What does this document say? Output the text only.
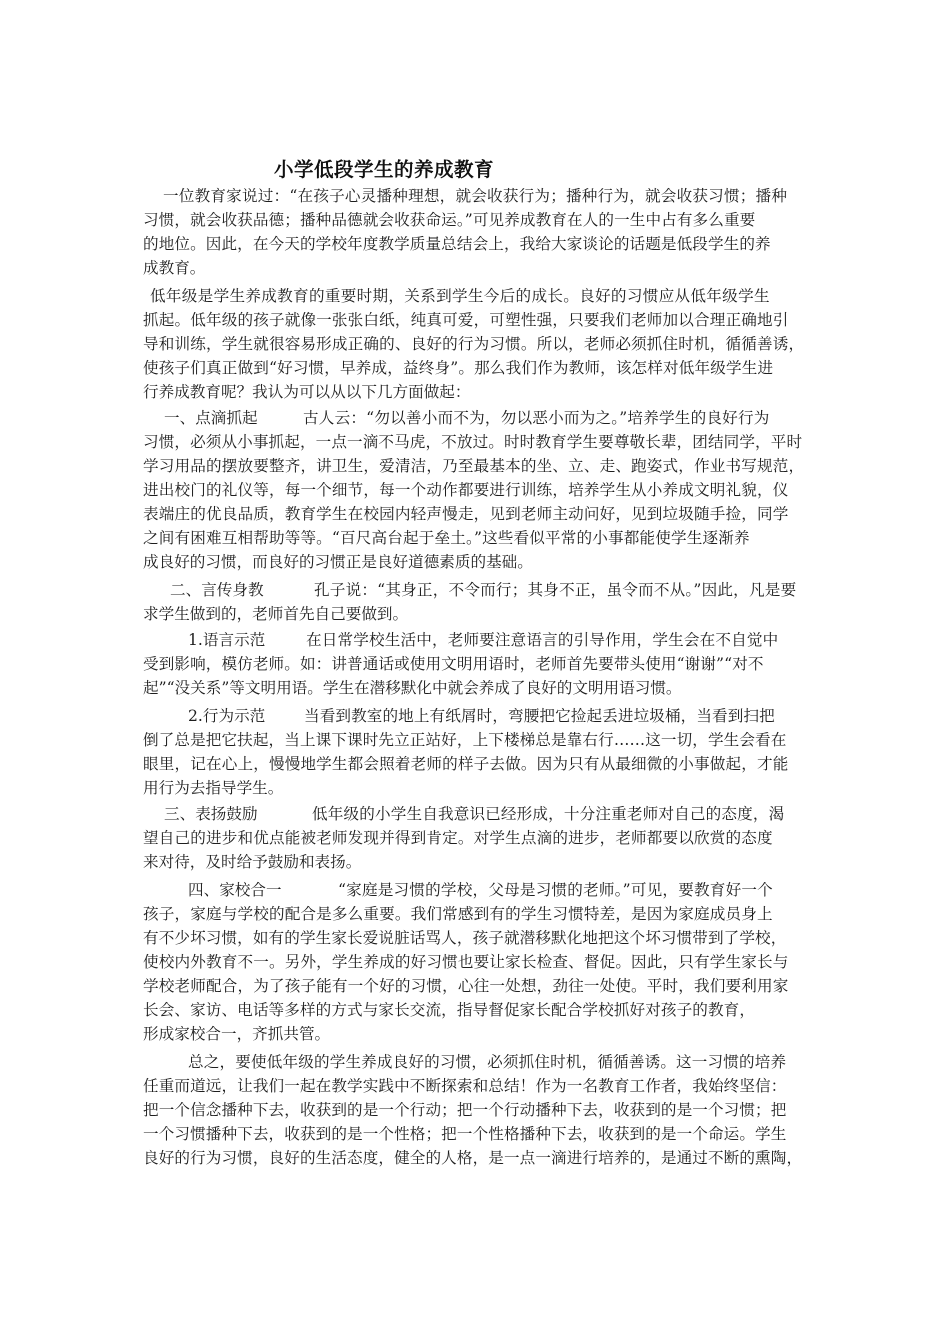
小学低段学生的养成教育
一位教育家说过：“在孩子心灵播种理想，就会收获行为；播种行为，就会收获习惯；播种
习惯，就会收获品德；播种品德就会收获命运。”可见养成教育在人的一生中占有多么重要
的地位。因此，在今天的学校年度教学质量总结会上，我给大家谈论的话题是低段学生的养
成教育。
低年级是学生养成教育的重要时期，关系到学生今后的成长。良好的习惯应从低年级学生
抓起。低年级的孩子就像一张张白纸，纯真可爱，可塑性强，只要我们老师加以合理正确地引
导和训练，学生就很容易形成正确的、良好的行为习惯。所以，老师必须抓住时机，循循善诱，
使孩子们真正做到“好习惯，早养成，益终身”。那么我们作为教师，该怎样对低年级学生进
行养成教育呢？我认为可以从以下几方面做起：
一、点滴抓起	古人云：“勿以善小而不为，勿以恶小而为之。”培养学生的良好行为
习惯，必须从小事抓起，一点一滴不马虎，不放过。时时教育学生要尊敬长辈，团结同学，平时
学习用品的摆放要整齐，讲卫生，爱清洁，乃至最基本的坐、立、走、跑姿式，作业书写规范，
进出校门的礼仪等，每一个细节，每一个动作都要进行训练，培养学生从小养成文明礼貌，仪
表端庄的优良品质，教育学生在校园内轻声慢走，见到老师主动问好，见到垃圾随手捡，同学
之间有困难互相帮助等等。“百尺高台起于垒土。”这些看似平常的小事都能使学生逐渐养
成良好的习惯，而良好的习惯正是良好道德素质的基础。
二、言传身教	孔子说：“其身正，不令而行；其身不正，虽令而不从。”因此，凡是要
求学生做到的，老师首先自己要做到。
1.语言示范	在日常学校生活中，老师要注意语言的引导作用，学生会在不自觉中
受到影响，模仿老师。如：讲普通话或使用文明用语时，老师首先要带头使用“谢谢”“对不
起”“没关系”等文明用语。学生在潜移默化中就会养成了良好的文明用语习惯。
2.行为示范 当看到教室的地上有纸屑时，弯腰把它捡起丢进垃圾桶，当看到扫把
倒了总是把它扶起，当上课下课时先立正站好，上下楼梯总是靠右行……这一切，学生会看在
眼里，记在心上，慢慢地学生都会照着老师的样子去做。因为只有从最细微的小事做起，才能
用行为去指导学生。
三、表扬鼓励	低年级的小学生自我意识已经形成，十分注重老师对自己的态度，渴
望自己的进步和优点能被老师发现并得到肯定。对学生点滴的进步，老师都要以欣赏的态度
来对待，及时给予鼓励和表扬。
四、家校合一	“家庭是习惯的学校，父母是习惯的老师。”可见，要教育好一个
孩子，家庭与学校的配合是多么重要。我们常感到有的学生习惯特差，是因为家庭成员身上
有不少坏习惯，如有的学生家长爱说脏话骂人，孩子就潜移默化地把这个坏习惯带到了学校，
使校内外教育不一。另外，学生养成的好习惯也要让家长检查、督促。因此，只有学生家长与
学校老师配合，为了孩子能有一个好的习惯，心往一处想，劲往一处使。平时，我们要利用家
长会、家访、电话等多样的方式与家长交流，指导督促家长配合学校抓好对孩子的教育，
形成家校合一，齐抓共管。
总之，要使低年级的学生养成良好的习惯，必须抓住时机，循循善诱。这一习惯的培养
任重而道远，让我们一起在教学实践中不断探索和总结！作为一名教育工作者，我始终坚信：
把一个信念播种下去，收获到的是一个行动；把一个行动播种下去，收获到的是一个习惯；把
一个习惯播种下去，收获到的是一个性格；把一个性格播种下去，收获到的是一个命运。学生
良好的行为习惯，良好的生活态度，健全的人格，是一点一滴进行培养的，是通过不断的熏陶，
